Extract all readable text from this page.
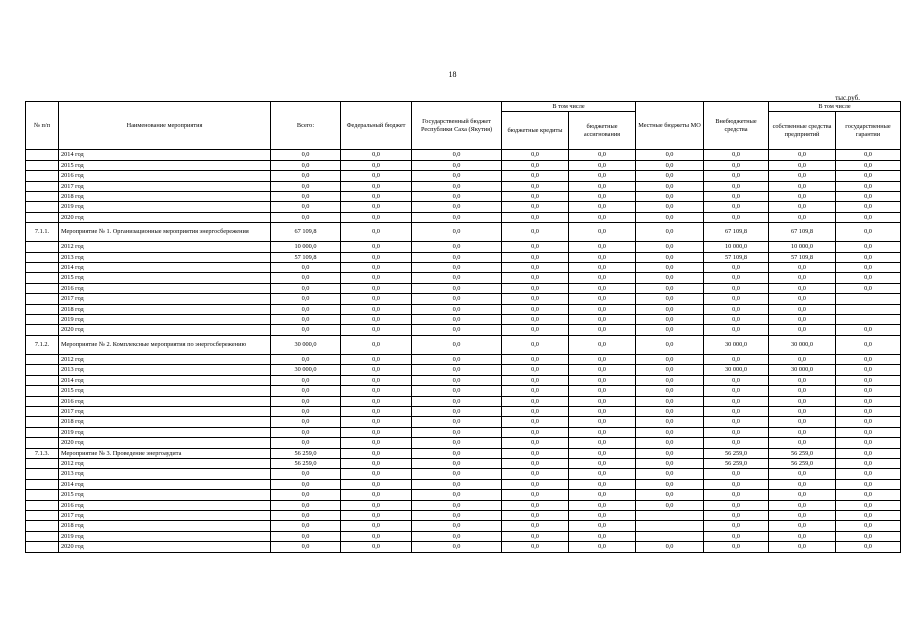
18
тыс.руб.
№ п/п	Наименование мероприятия	Всего:	Федеральный бюджет	Государственный бюджет Республики Саха (Якутия)	В том числе		Местные бюджеты МО	Внебюджетные средства	В том числе	
					бюджетные кредиты	бюджетные ассигнования			собственные средства предприятий	государственные гарантии
	2014 год	0,0	0,0	0,0	0,0	0,0	0,0	0,0	0,0	0,0
	2015 год	0,0	0,0	0,0	0,0	0,0	0,0	0,0	0,0	0,0
	2016 год	0,0	0,0	0,0	0,0	0,0	0,0	0,0	0,0	0,0
	2017 год	0,0	0,0	0,0	0,0	0,0	0,0	0,0	0,0	0,0
	2018 год	0,0	0,0	0,0	0,0	0,0	0,0	0,0	0,0	0,0
	2019 год	0,0	0,0	0,0	0,0	0,0	0,0	0,0	0,0	0,0
	2020 год	0,0	0,0	0,0	0,0	0,0	0,0	0,0	0,0	0,0
7.1.1.	Мероприятие № 1. Организационные мероприятия энергосбережения	67 109,8	0,0	0,0	0,0	0,0	0,0	67 109,8	67 109,8	0,0
	2012 год	10 000,0	0,0	0,0	0,0	0,0	0,0	10 000,0	10 000,0	0,0
	2013 год	57 109,8	0,0	0,0	0,0	0,0	0,0	57 109,8	57 109,8	0,0
	2014 год	0,0	0,0	0,0	0,0	0,0	0,0	0,0	0,0	0,0
	2015 год	0,0	0,0	0,0	0,0	0,0	0,0	0,0	0,0	0,0
	2016 год	0,0	0,0	0,0	0,0	0,0	0,0	0,0	0,0	0,0
	2017 год	0,0	0,0	0,0	0,0	0,0	0,0	0,0	0,0	
	2018 год	0,0	0,0	0,0	0,0	0,0	0,0	0,0	0,0	
	2019 год	0,0	0,0	0,0	0,0	0,0	0,0	0,0	0,0	
	2020 год	0,0	0,0	0,0	0,0	0,0	0,0	0,0	0,0	0,0
7.1.2.	Мероприятие № 2. Комплексные мероприятия по энергосбережению	30 000,0	0,0	0,0	0,0	0,0	0,0	30 000,0	30 000,0	0,0
	2012 год	0,0	0,0	0,0	0,0	0,0	0,0	0,0	0,0	0,0
	2013 год	30 000,0	0,0	0,0	0,0	0,0	0,0	30 000,0	30 000,0	0,0
	2014 год	0,0	0,0	0,0	0,0	0,0	0,0	0,0	0,0	0,0
	2015 год	0,0	0,0	0,0	0,0	0,0	0,0	0,0	0,0	0,0
	2016 год	0,0	0,0	0,0	0,0	0,0	0,0	0,0	0,0	0,0
	2017 год	0,0	0,0	0,0	0,0	0,0	0,0	0,0	0,0	0,0
	2018 год	0,0	0,0	0,0	0,0	0,0	0,0	0,0	0,0	0,0
	2019 год	0,0	0,0	0,0	0,0	0,0	0,0	0,0	0,0	0,0
	2020 год	0,0	0,0	0,0	0,0	0,0	0,0	0,0	0,0	0,0
7.1.3.	Мероприятие № 3. Проведение энергоаудита	56 259,0	0,0	0,0	0,0	0,0	0,0	56 259,0	56 259,0	0,0
	2012 год	56 259,0	0,0	0,0	0,0	0,0	0,0	56 259,0	56 259,0	0,0
	2013 год	0,0	0,0	0,0	0,0	0,0	0,0	0,0	0,0	0,0
	2014 год	0,0	0,0	0,0	0,0	0,0	0,0	0,0	0,0	0,0
	2015 год	0,0	0,0	0,0	0,0	0,0	0,0	0,0	0,0	0,0
	2016 год	0,0	0,0	0,0	0,0	0,0	0,0	0,0	0,0	0,0
	2017 год	0,0	0,0	0,0	0,0	0,0		0,0	0,0	0,0
	2018 год	0,0	0,0	0,0	0,0	0,0		0,0	0,0	0,0
	2019 год	0,0	0,0	0,0	0,0	0,0		0,0	0,0	0,0
	2020 год	0,0	0,0	0,0	0,0	0,0	0,0	0,0	0,0	0,0
